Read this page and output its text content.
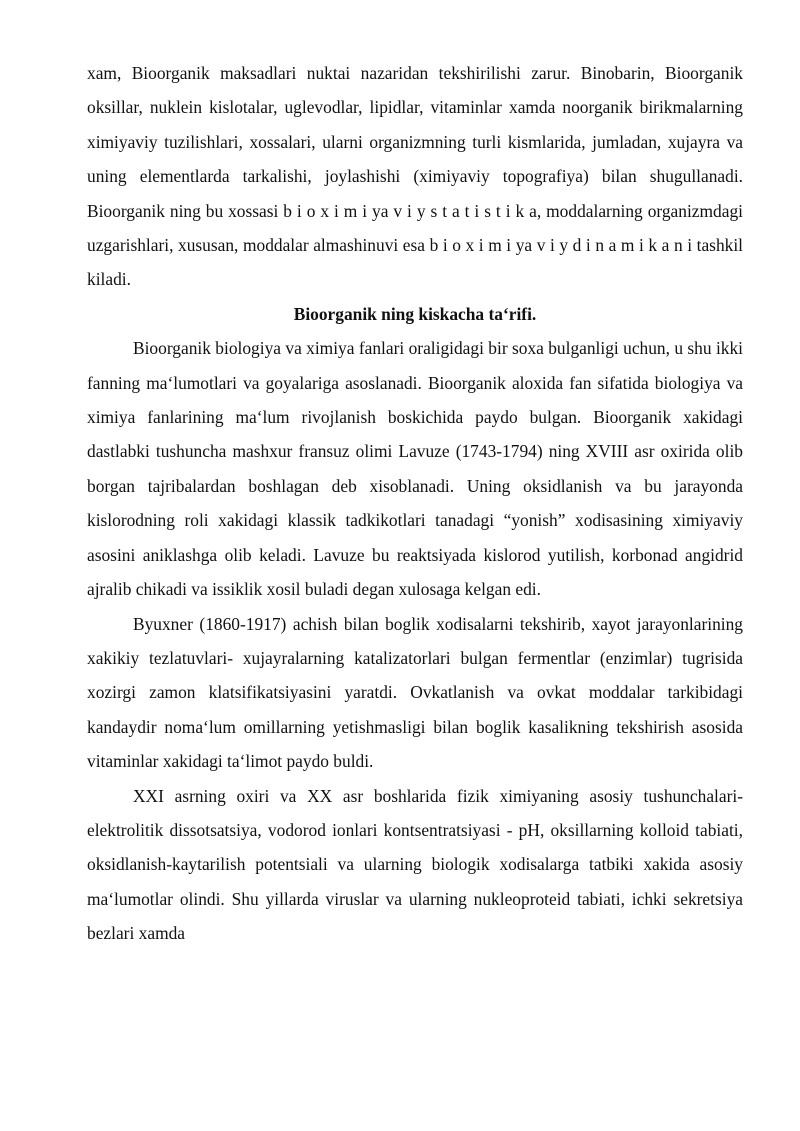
xam, Bioorganik maksadlari nuktai nazaridan tekshirilishi zarur. Binobarin, Bioorganik oksillar, nuklein kislotalar, uglevodlar, lipidlar, vitaminlar xamda noorganik birikmalarning ximiyaviy tuzilishlari, xossalari, ularni organizmning turli kismlarida, jumladan, xujayra va uning elementlarda tarkalishi, joylashishi (ximiyaviy topografiya) bilan shugullanadi. Bioorganik ning bu xossasi b i o x i m i ya v i y s t a t i s t i k a, moddalarning organizmdagi uzgarishlari, xususan, moddalar almashinuvi esa b i o x i m i ya v i y d i n a m i k a n i tashkil kiladi.

Bioorganik ning kiskacha ta‘rifi.

Bioorganik biologiya va ximiya fanlari oraligidagi bir soxa bulganligi uchun, u shu ikki fanning ma‘lumotlari va goyalariga asoslanadi. Bioorganik aloxida fan sifatida biologiya va ximiya fanlarining ma‘lum rivojlanish boskichida paydo bulgan. Bioorganik xakidagi dastlabki tushuncha mashxur fransuz olimi Lavuze (1743-1794) ning XVIII asr oxirida olib borgan tajribalardan boshlagan deb xisoblanadi. Uning oksidlanish va bu jarayonda kislorodning roli xakidagi klassik tadkikotlari tanadagi “yonish” xodisasining ximiyaviy asosini aniklashga olib keladi. Lavuze bu reaktsiyada kislorod yutilish, korbonad angidrid ajralib chikadi va issiklik xosil buladi degan xulosaga kelgan edi.

Byuxner (1860-1917) achish bilan boglik xodisalarni tekshirib, xayot jarayonlarining xakikiy tezlatuvlari- xujayralarning katalizatorlari bulgan fermentlar (enzimlar) tugrisida xozirgi zamon klatsifikatsiyasini yaratdi. Ovkatlanish va ovkat moddalar tarkibidagi kandaydir noma‘lum omillarning yetishmasligi bilan boglik kasalikning tekshirish asosida vitaminlar xakidagi ta‘limot paydo buldi.

XXI asrning oxiri va XX asr boshlarida fizik ximiyaning asosiy tushunchalari- elektrolitik dissotsatsiya, vodorod ionlari kontsentratsiyasi - pH, oksillarning kolloid tabiati, oksidlanish-kaytarilish potentsiali va ularning biologik xodisalarga tatbiki xakida asosiy ma‘lumotlar olindi. Shu yillarda viruslar va ularning nukleoproteid tabiati, ichki sekretsiya bezlari xamda
